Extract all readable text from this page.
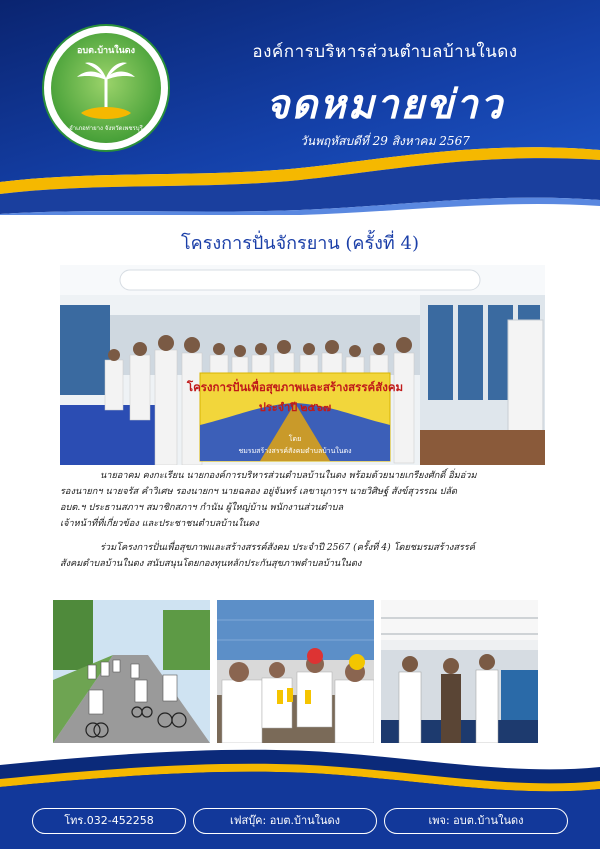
อบต.บ้านในดง
อำเภอท่ายาง จังหวัดเพชรบุรี
องค์การบริหารส่วนตำบลบ้านในดง
จดหมายข่าว
วันพฤหัสบดีที่ 29 สิงหาคม 2567
โครงการปั่นจักรยาน (ครั้งที่ 4)
โครงการปั่นเพื่อสุขภาพและสร้างสรรค์สังคม
ประจำปี ๒๕๖๗
โดย
ชมรมสร้างสรรค์สังคมตำบลบ้านในดง
นายอาคม คงกะเรียน นายกองค์การบริหารส่วนตำบลบ้านในดง พร้อมด้วยนายเกรียงศักดิ์ อิ่มอ่วม
รองนายกฯ นายจรัส คำวิเศษ รองนายกฯ นายฉลอง อยู่จันทร์ เลขานุการฯ นายวิศิษฐ์ สังข์สุวรรณ ปลัด
อบต.ฯ ประธานสภาฯ สมาชิกสภาฯ กำนัน ผู้ใหญ่บ้าน พนักงานส่วนตำบล
เจ้าหน้าที่ที่เกี่ยวข้อง และประชาชนตำบลบ้านในดง
ร่วมโครงการปั่นเพื่อสุขภาพและสร้างสรรค์สังคม ประจำปี 2567 (ครั้งที่ 4) โดยชมรมสร้างสรรค์
สังคมตำบลบ้านในดง สนับสนุนโดยกองทุนหลักประกันสุขภาพตำบลบ้านในดง
โทร.032-452258	เฟสบุ๊ค: อบต.บ้านในดง	เพจ: อบต.บ้านในดง
